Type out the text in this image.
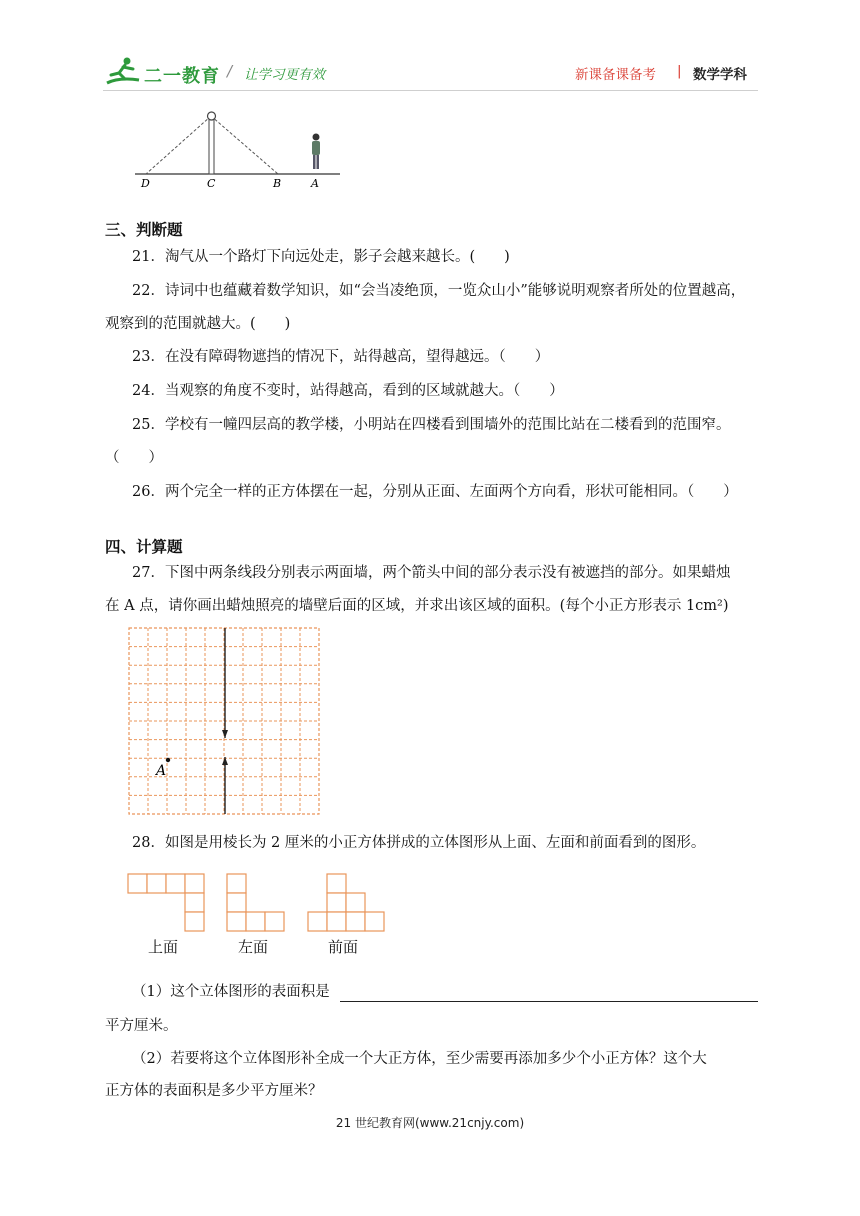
二一教育 / 让学习更有效	新课备课备考 | 数学学科
D	C	B	A
三、判断题
21．淘气从一个路灯下向远处走，影子会越来越长。(　　)
22．诗词中也蕴藏着数学知识，如“会当凌绝顶，一览众山小”能够说明观察者所处的位置越高，
观察到的范围就越大。(　　)
23．在没有障碍物遮挡的情况下，站得越高，望得越远。（　　）
24．当观察的角度不变时，站得越高，看到的区域就越大。（　　）
25．学校有一幢四层高的教学楼，小明站在四楼看到围墙外的范围比站在二楼看到的范围窄。
（　　）
26．两个完全一样的正方体摆在一起，分别从正面、左面两个方向看，形状可能相同。（　　）
四、计算题
27．下图中两条线段分别表示两面墙，两个箭头中间的部分表示没有被遮挡的部分。如果蜡烛
在 A 点，请你画出蜡烛照亮的墙壁后面的区域，并求出该区域的面积。(每个小正方形表示 1cm²)
A
28．如图是用棱长为 2 厘米的小正方体拼成的立体图形从上面、左面和前面看到的图形。
上面	左面	前面
（1）这个立体图形的表面积是
平方厘米。
（2）若要将这个立体图形补全成一个大正方体，至少需要再添加多少个小正方体？这个大
正方体的表面积是多少平方厘米？
21 世纪教育网(www.21cnjy.com)
